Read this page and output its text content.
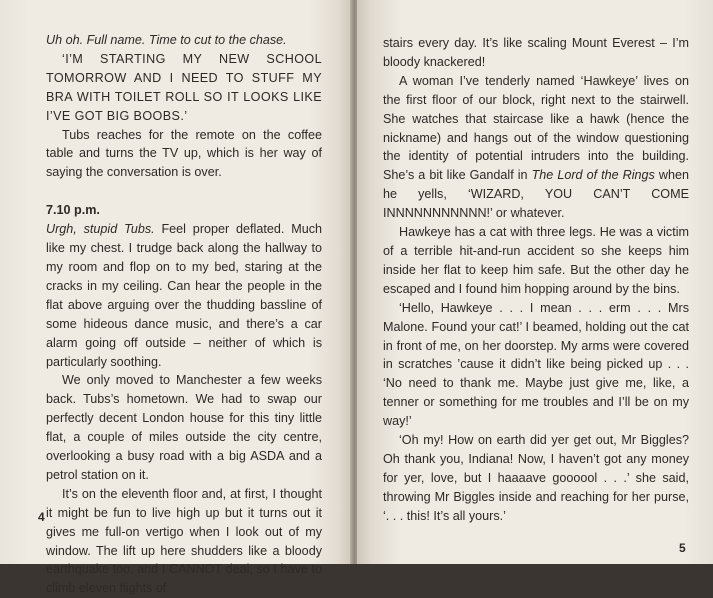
Uh oh. Full name. Time to cut to the chase.

‘I’M STARTING MY NEW SCHOOL TOMORROW AND I NEED TO STUFF MY BRA WITH TOILET ROLL SO IT LOOKS LIKE I’VE GOT BIG BOOBS.’

Tubs reaches for the remote on the coffee table and turns the TV up, which is her way of saying the conversation is over.

7.10 p.m.

Urgh, stupid Tubs. Feel proper deflated. Much like my chest. I trudge back along the hallway to my room and flop on to my bed, staring at the cracks in my ceiling. Can hear the people in the flat above arguing over the thudding bassline of some hideous dance music, and there’s a car alarm going off outside – neither of which is particularly soothing.

We only moved to Manchester a few weeks back. Tubs’s hometown. We had to swap our perfectly decent London house for this tiny little flat, a couple of miles outside the city centre, overlooking a busy road with a big ASDA and a petrol station on it.

It’s on the eleventh floor and, at first, I thought it might be fun to live high up but it turns out it gives me full-on vertigo when I look out of my window. The lift up here shudders like a bloody earthquake too, and I CANNOT deal, so I have to climb eleven flights of

4

stairs every day. It’s like scaling Mount Everest – I’m bloody knackered!

A woman I’ve tenderly named ‘Hawkeye’ lives on the first floor of our block, right next to the stairwell. She watches that staircase like a hawk (hence the nickname) and hangs out of the window questioning the identity of potential intruders into the building. She’s a bit like Gandalf in The Lord of the Rings when he yells, ‘WIZARD, YOU CAN’T COME INNNNNNNNNNN!’ or whatever.

Hawkeye has a cat with three legs. He was a victim of a terrible hit-and-run accident so she keeps him inside her flat to keep him safe. But the other day he escaped and I found him hopping around by the bins.

‘Hello, Hawkeye . . . I mean . . . erm . . . Mrs Malone. Found your cat!’ I beamed, holding out the cat in front of me, on her doorstep. My arms were covered in scratches ’cause it didn’t like being picked up . . . ‘No need to thank me. Maybe just give me, like, a tenner or something for me troubles and I’ll be on my way!’

‘Oh my! How on earth did yer get out, Mr Biggles? Oh thank you, Indiana! Now, I haven’t got any money for yer, love, but I haaaave goooool . . .’ she said, throwing Mr Biggles inside and reaching for her purse, ‘. . . this! It’s all yours.’

5
